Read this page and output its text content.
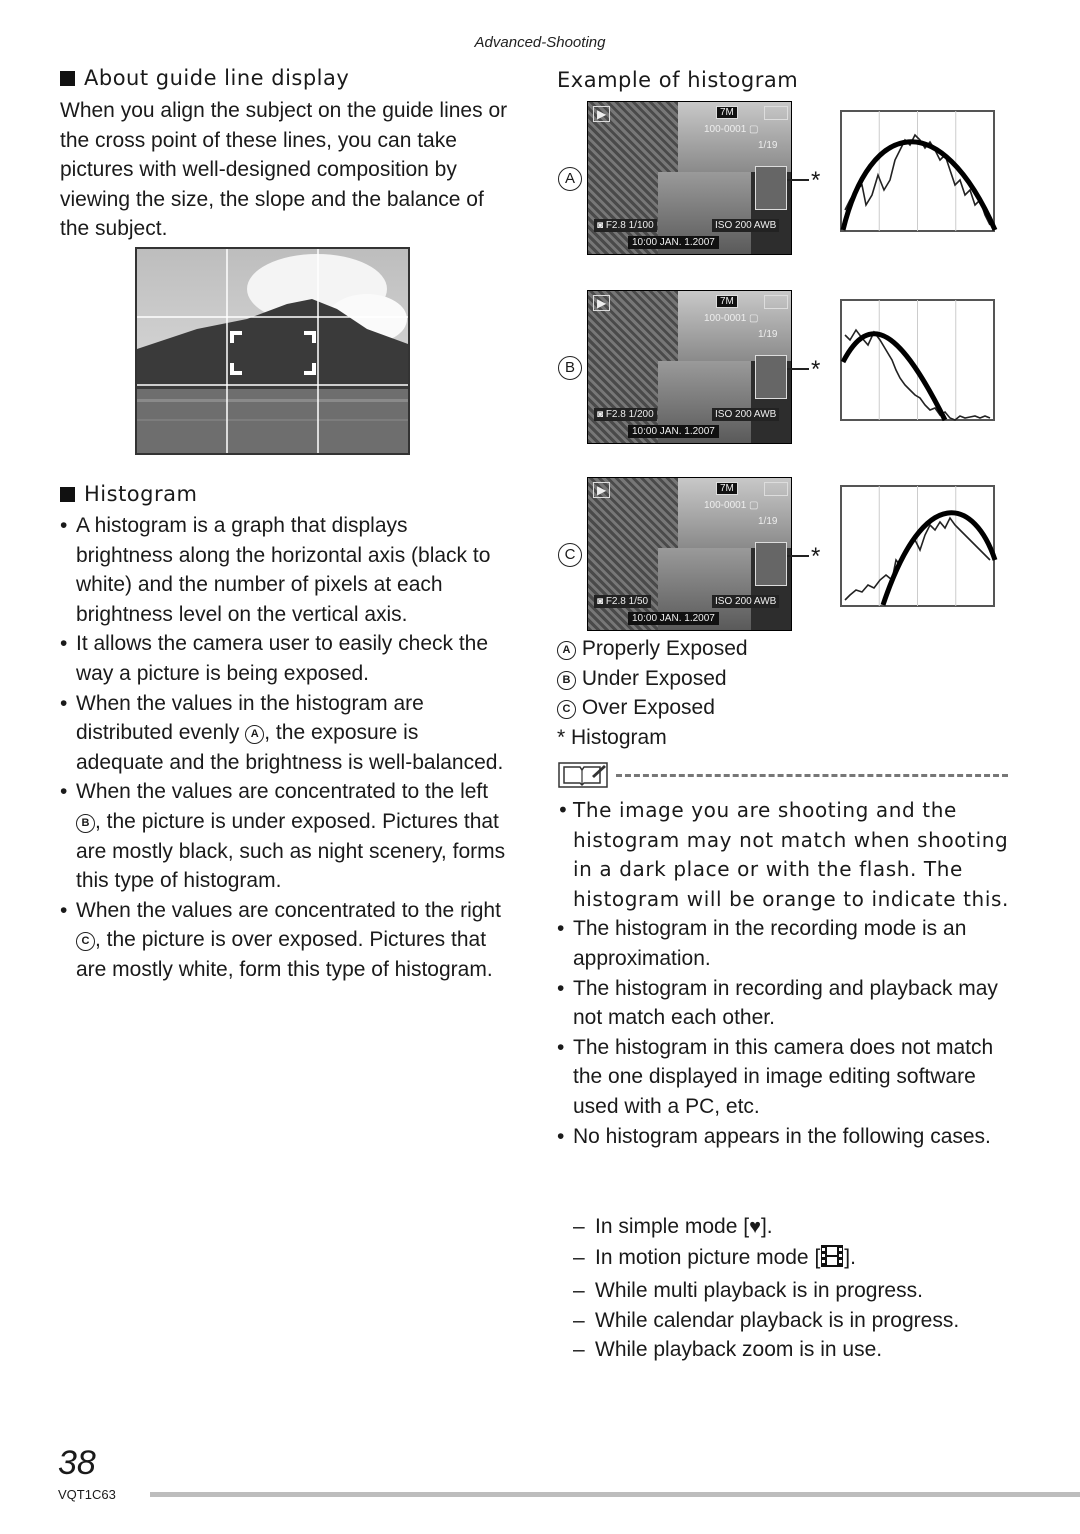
Advanced-Shooting
About guide line display
When you align the subject on the guide lines or the cross point of these lines, you can take pictures with well-designed composition by viewing the size, the slope and the balance of the subject.
Histogram
• A histogram is a graph that displays brightness along the horizontal axis (black to white) and the number of pixels at each brightness level on the vertical axis.
• It allows the camera user to easily check the way a picture is being exposed.
• When the values in the histogram are distributed evenly A , the exposure is adequate and the brightness is well-balanced.
• When the values are concentrated to the left B , the picture is under exposed. Pictures that are mostly black, such as night scenery, forms this type of histogram.
• When the values are concentrated to the right C , the picture is over exposed. Pictures that are mostly white, form this type of histogram.
Example of histogram
A
▶	7M
100-0001 ▢
1/19
◙ F2.8 1/100	ISO 200 AWB
10:00 JAN. 1.2007
*
B
▶	7M
100-0001 ▢
1/19
◙ F2.8 1/200	ISO 200 AWB
10:00 JAN. 1.2007
*
C
▶	7M
100-0001 ▢
1/19
◙ F2.8 1/50	ISO 200 AWB
10:00 JAN. 1.2007
*
A Properly Exposed
B Under Exposed
C Over Exposed
* Histogram
• The image you are shooting and the histogram may not match when shooting in a dark place or with the flash. The histogram will be orange to indicate this.
• The histogram in the recording mode is an approximation.
• The histogram in recording and playback may not match each other.
• The histogram in this camera does not match the one displayed in image editing software used with a PC, etc.
• No histogram appears in the following cases.
– In simple mode [♥].
– In motion picture mode [ ].
– While multi playback is in progress.
– While calendar playback is in progress.
– While playback zoom is in use.
38
VQT1C63
